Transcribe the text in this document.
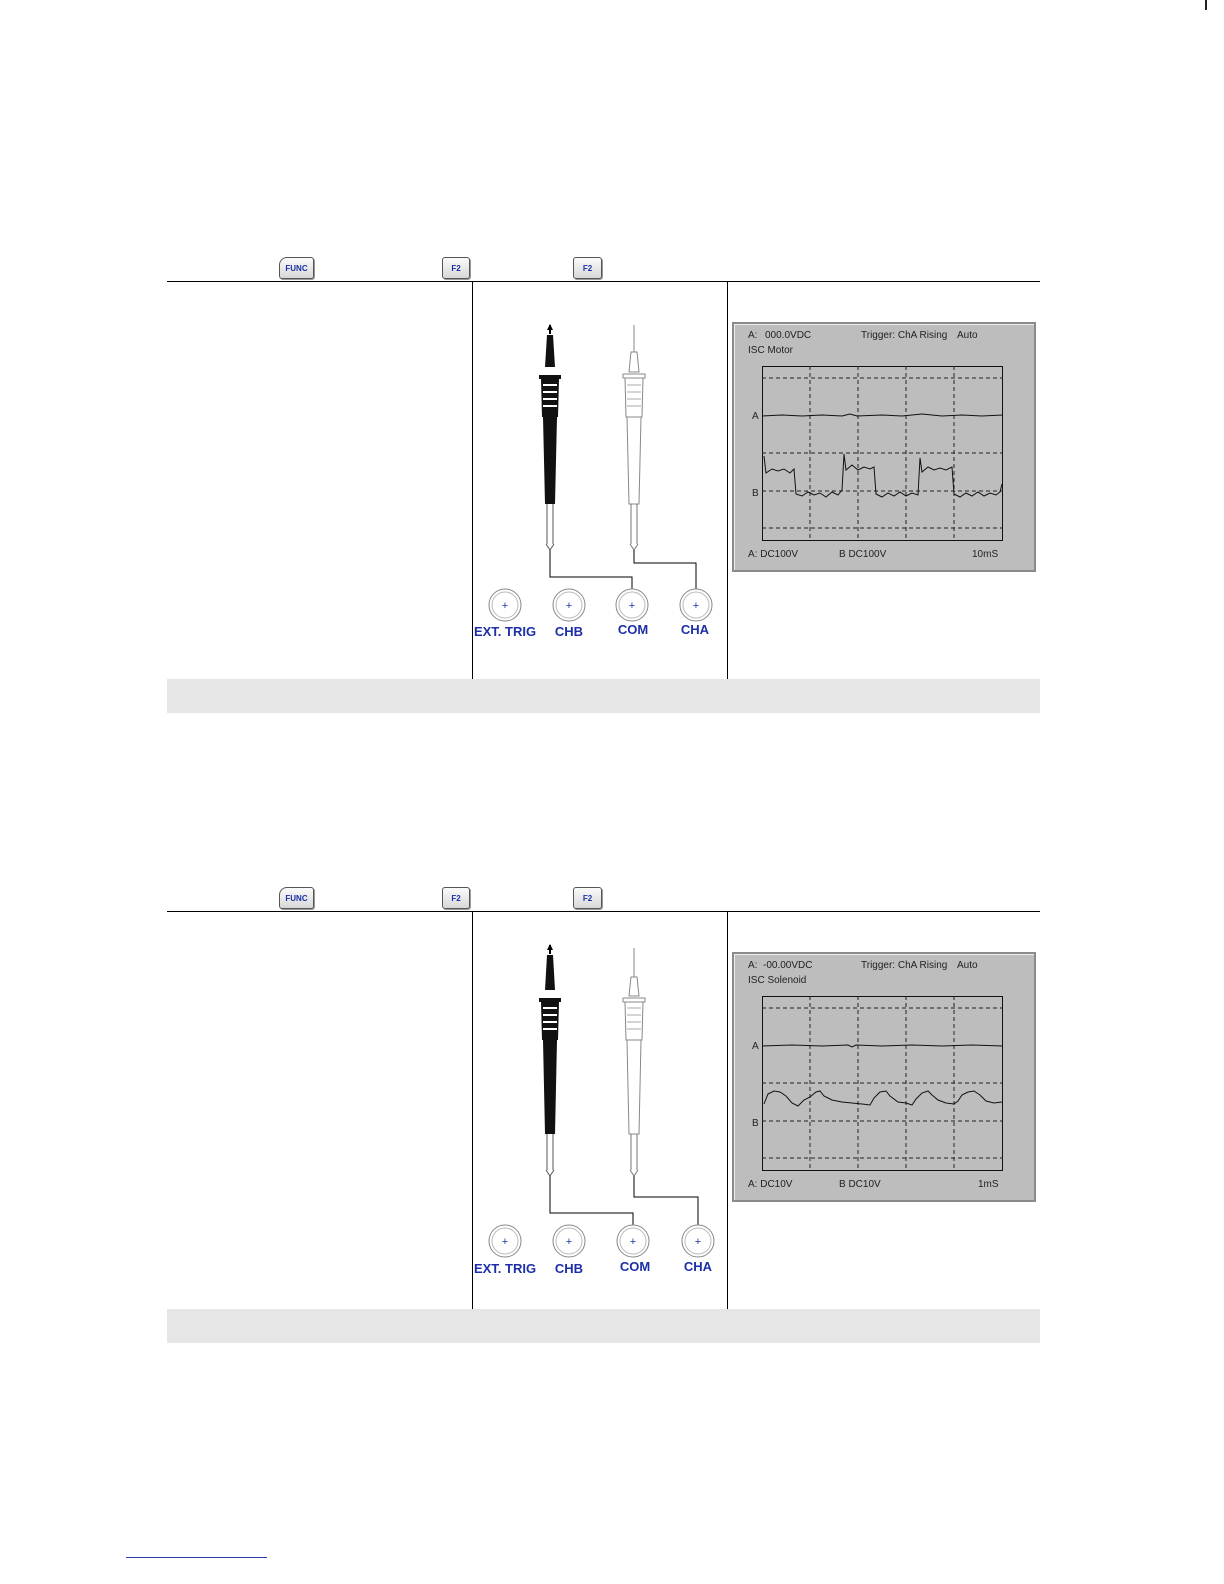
FUNC	F2	F2
+	+	+	+
EXT. TRIG CHB	COM	CHA
A: 000.0VDC	Trigger: ChA Rising Auto
ISC Motor
A
B
A: DC100V	B DC100V	10mS
FUNC	F2	F2
+	+	+	+
EXT. TRIG CHB	COM	CHA
A: -00.00VDC	Trigger: ChA Rising Auto
ISC Solenoid
A
B
A: DC10V	B DC10V	1mS
